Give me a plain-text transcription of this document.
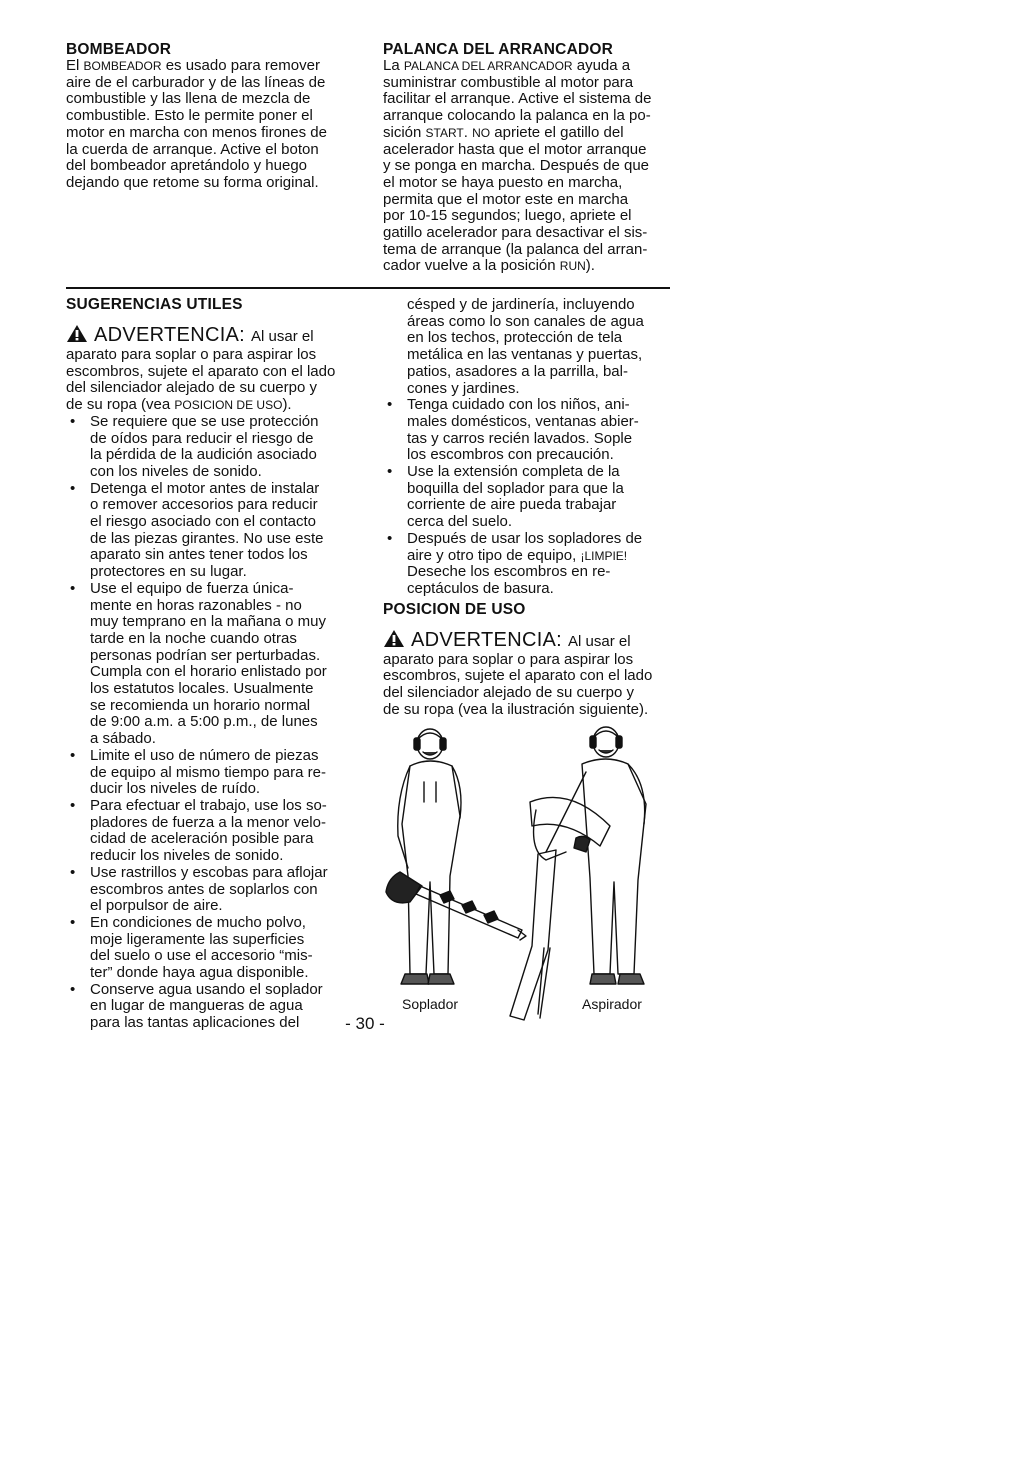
BOMBEADOR

El BOMBEADOR es usado para remover

aire de el carburador y de las líneas de

combustible y las llena de mezcla de

combustible. Esto le permite poner el

motor en marcha con menos firones de

la cuerda de arranque. Active el boton

del bombeador apretándolo y huego

dejando que retome su forma original.

PALANCA DEL ARRANCADOR

La PALANCA DEL ARRANCADOR ayuda a

suministrar combustible al motor para

facilitar el arranque. Active el sistema de

arranque colocando la palanca en la po-

sición START. NO apriete el gatillo del

acelerador hasta que el motor arranque

y se ponga en marcha. Después de que

el motor se haya puesto en marcha,

permita que el motor este en marcha

por 10-15 segundos; luego, apriete el

gatillo acelerador para desactivar el sis-

tema de arranque (la palanca del arran-

cador vuelve a la posición RUN).

SUGERENCIAS UTILES
ADVERTENCIA: Al usar el

aparato para soplar o para aspirar los

escombros, sujete el aparato con el lado

del silenciador alejado de su cuerpo y

de su ropa (vea POSICION DE USO).

• Se requiere que se use protección

de oídos para reducir el riesgo de

la pérdida de la audición asociado

con los niveles de sonido.

• Detenga el motor antes de instalar

o remover accesorios para reducir

el riesgo asociado con el contacto

de las piezas girantes. No use este

aparato sin antes tener todos los

protectores en su lugar.

• Use el equipo de fuerza única-

mente en horas razonables - no

muy temprano en la mañana o muy

tarde en la noche cuando otras

personas podrían ser perturbadas.

Cumpla con el horario enlistado por

los estatutos locales. Usualmente

se recomienda un horario normal

de 9:00 a.m. a 5:00 p.m., de lunes

a sábado.

• Limite el uso de número de piezas

de equipo al mismo tiempo para re-

ducir los niveles de ruído.

• Para efectuar el trabajo, use los so-

pladores de fuerza a la menor velo-

cidad de aceleración posible para

reducir los niveles de sonido.

• Use rastrillos y escobas para aflojar

escombros antes de soplarlos con

el porpulsor de aire.

• En condiciones de mucho polvo,

moje ligeramente las superficies

del suelo o use el accesorio “mis-

ter” donde haya agua disponible.

• Conserve agua usando el soplador

en lugar de mangueras de agua

para las tantas aplicaciones del

césped y de jardinería, incluyendo

áreas como lo son canales de agua

en los techos, protección de tela

metálica en las ventanas y puertas,

patios, asadores a la parrilla, bal-

cones y jardines.

• Tenga cuidado con los niños, ani-

males domésticos, ventanas abier-

tas y carros recién lavados. Sople

los escombros con precaución.

• Use la extensión completa de la

boquilla del soplador para que la

corriente de aire pueda trabajar

cerca del suelo.

• Después de usar los sopladores de

aire y otro tipo de equipo, ¡LIMPIE!

Deseche los escombros en re-

ceptáculos de basura.

POSICION DE USO
ADVERTENCIA: Al usar el

aparato para soplar o para aspirar los

escombros, sujete el aparato con el lado

del silenciador alejado de su cuerpo y

de su ropa (vea la ilustración siguiente).

Soplador	Aspirador
- 30 -
